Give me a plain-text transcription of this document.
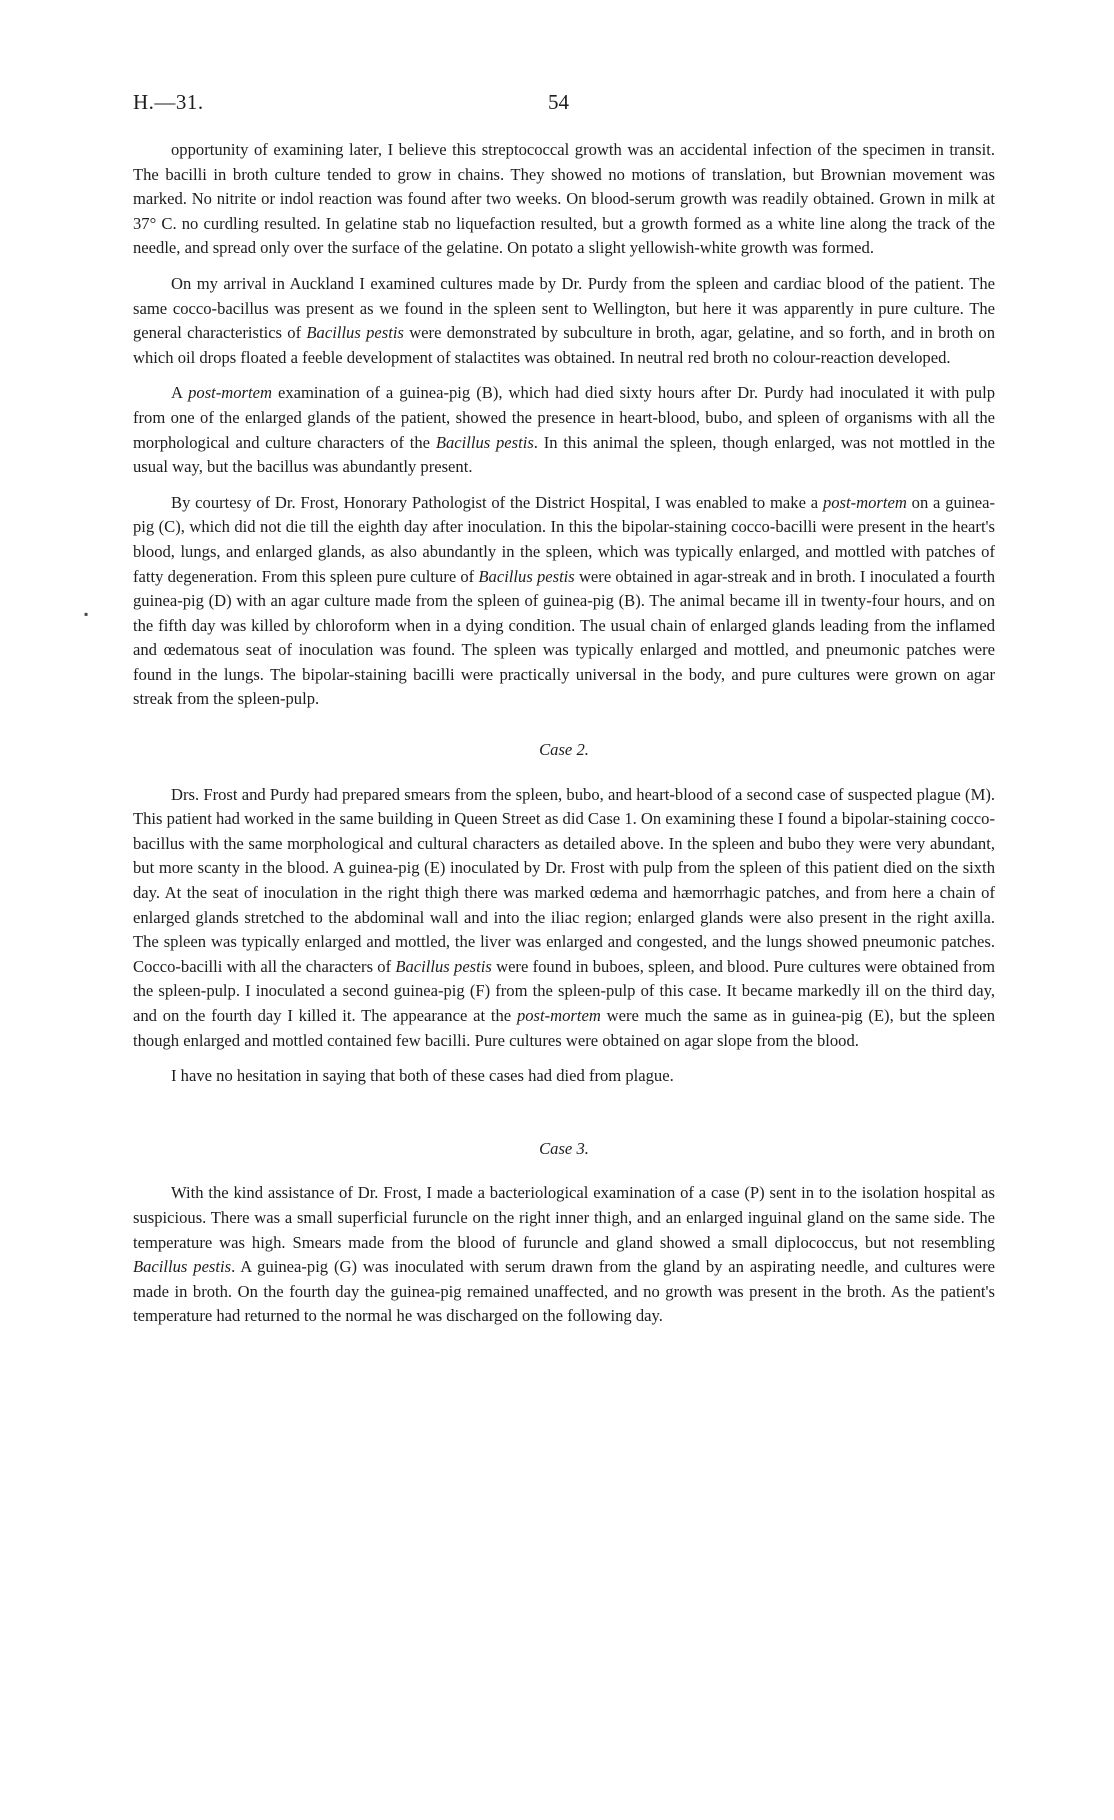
H.—31.	54

▪

opportunity of examining later, I believe this streptococcal growth was an accidental infection of the specimen in transit. The bacilli in broth culture tended to grow in chains. They showed no motions of translation, but Brownian movement was marked. No nitrite or indol reaction was found after two weeks. On blood-serum growth was readily obtained. Grown in milk at 37° C. no curdling resulted. In gelatine stab no liquefaction resulted, but a growth formed as a white line along the track of the needle, and spread only over the surface of the gelatine. On potato a slight yellowish-white growth was formed.

On my arrival in Auckland I examined cultures made by Dr. Purdy from the spleen and cardiac blood of the patient. The same cocco-bacillus was present as we found in the spleen sent to Wellington, but here it was apparently in pure culture. The general characteristics of Bacillus pestis were demonstrated by subculture in broth, agar, gelatine, and so forth, and in broth on which oil drops floated a feeble development of stalactites was obtained. In neutral red broth no colour-reaction developed.

A post-mortem examination of a guinea-pig (B), which had died sixty hours after Dr. Purdy had inoculated it with pulp from one of the enlarged glands of the patient, showed the presence in heart-blood, bubo, and spleen of organisms with all the morphological and culture characters of the Bacillus pestis. In this animal the spleen, though enlarged, was not mottled in the usual way, but the bacillus was abundantly present.

By courtesy of Dr. Frost, Honorary Pathologist of the District Hospital, I was enabled to make a post-mortem on a guinea-pig (C), which did not die till the eighth day after inoculation. In this the bipolar-staining cocco-bacilli were present in the heart's blood, lungs, and enlarged glands, as also abundantly in the spleen, which was typically enlarged, and mottled with patches of fatty degeneration. From this spleen pure culture of Bacillus pestis were obtained in agar-streak and in broth. I inoculated a fourth guinea-pig (D) with an agar culture made from the spleen of guinea-pig (B). The animal became ill in twenty-four hours, and on the fifth day was killed by chloroform when in a dying condition. The usual chain of enlarged glands leading from the inflamed and œdematous seat of inoculation was found. The spleen was typically enlarged and mottled, and pneumonic patches were found in the lungs. The bipolar-staining bacilli were practically universal in the body, and pure cultures were grown on agar streak from the spleen-pulp.

Case 2.

Drs. Frost and Purdy had prepared smears from the spleen, bubo, and heart-blood of a second case of suspected plague (M). This patient had worked in the same building in Queen Street as did Case 1. On examining these I found a bipolar-staining cocco-bacillus with the same morphological and cultural characters as detailed above. In the spleen and bubo they were very abundant, but more scanty in the blood. A guinea-pig (E) inoculated by Dr. Frost with pulp from the spleen of this patient died on the sixth day. At the seat of inoculation in the right thigh there was marked œdema and hæmorrhagic patches, and from here a chain of enlarged glands stretched to the abdominal wall and into the iliac region; enlarged glands were also present in the right axilla. The spleen was typically enlarged and mottled, the liver was enlarged and congested, and the lungs showed pneumonic patches. Cocco-bacilli with all the characters of Bacillus pestis were found in buboes, spleen, and blood. Pure cultures were obtained from the spleen-pulp. I inoculated a second guinea-pig (F) from the spleen-pulp of this case. It became markedly ill on the third day, and on the fourth day I killed it. The appearance at the post-mortem were much the same as in guinea-pig (E), but the spleen though enlarged and mottled contained few bacilli. Pure cultures were obtained on agar slope from the blood.

I have no hesitation in saying that both of these cases had died from plague.

Case 3.

With the kind assistance of Dr. Frost, I made a bacteriological examination of a case (P) sent in to the isolation hospital as suspicious. There was a small superficial furuncle on the right inner thigh, and an enlarged inguinal gland on the same side. The temperature was high. Smears made from the blood of furuncle and gland showed a small diplococcus, but not resembling Bacillus pestis. A guinea-pig (G) was inoculated with serum drawn from the gland by an aspirating needle, and cultures were made in broth. On the fourth day the guinea-pig remained unaffected, and no growth was present in the broth. As the patient's temperature had returned to the normal he was discharged on the following day.
